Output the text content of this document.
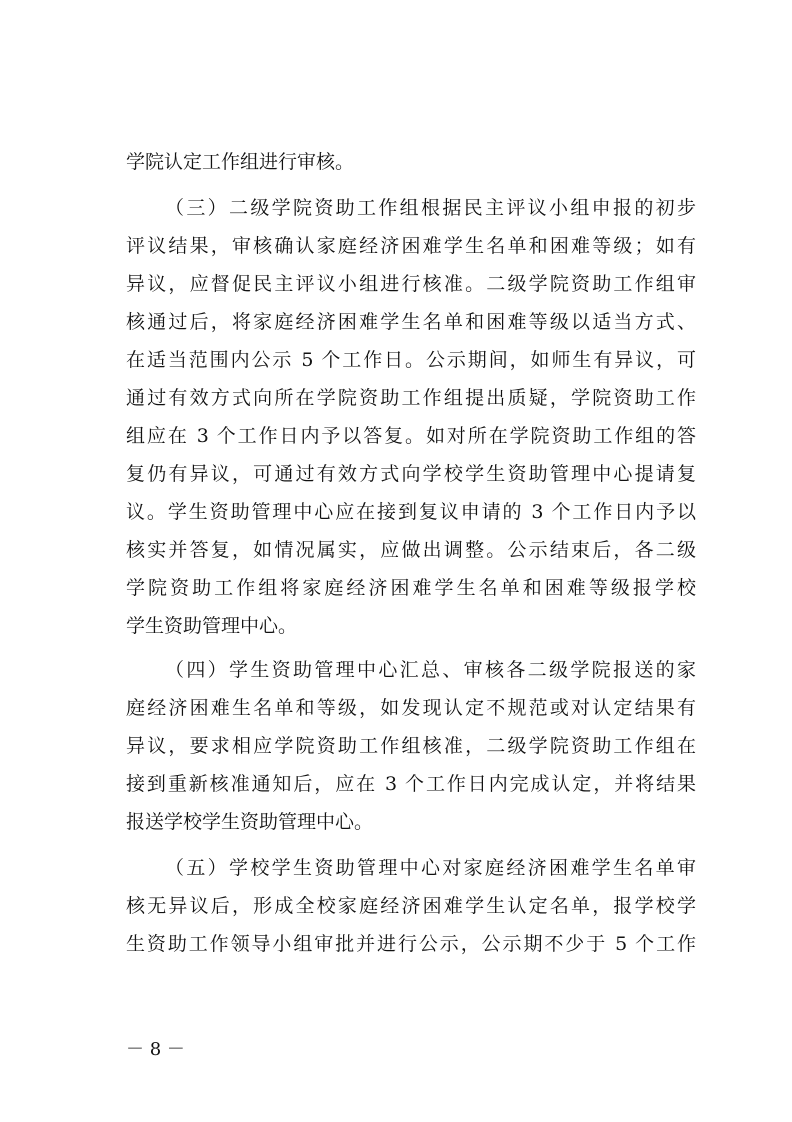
学院认定工作组进行审核。
（三）二级学院资助工作组根据民主评议小组申报的初步
评议结果，审核确认家庭经济困难学生名单和困难等级；如有
异议，应督促民主评议小组进行核准。二级学院资助工作组审
核通过后，将家庭经济困难学生名单和困难等级以适当方式、
在适当范围内公示 5 个工作日。公示期间，如师生有异议，可
通过有效方式向所在学院资助工作组提出质疑，学院资助工作
组应在 3 个工作日内予以答复。如对所在学院资助工作组的答
复仍有异议，可通过有效方式向学校学生资助管理中心提请复
议。学生资助管理中心应在接到复议申请的 3 个工作日内予以
核实并答复，如情况属实，应做出调整。公示结束后，各二级
学院资助工作组将家庭经济困难学生名单和困难等级报学校
学生资助管理中心。
（四）学生资助管理中心汇总、审核各二级学院报送的家
庭经济困难生名单和等级，如发现认定不规范或对认定结果有
异议，要求相应学院资助工作组核准，二级学院资助工作组在
接到重新核准通知后，应在 3 个工作日内完成认定，并将结果
报送学校学生资助管理中心。
（五）学校学生资助管理中心对家庭经济困难学生名单审
核无异议后，形成全校家庭经济困难学生认定名单，报学校学
生资助工作领导小组审批并进行公示，公示期不少于 5 个工作
－ 8 －
